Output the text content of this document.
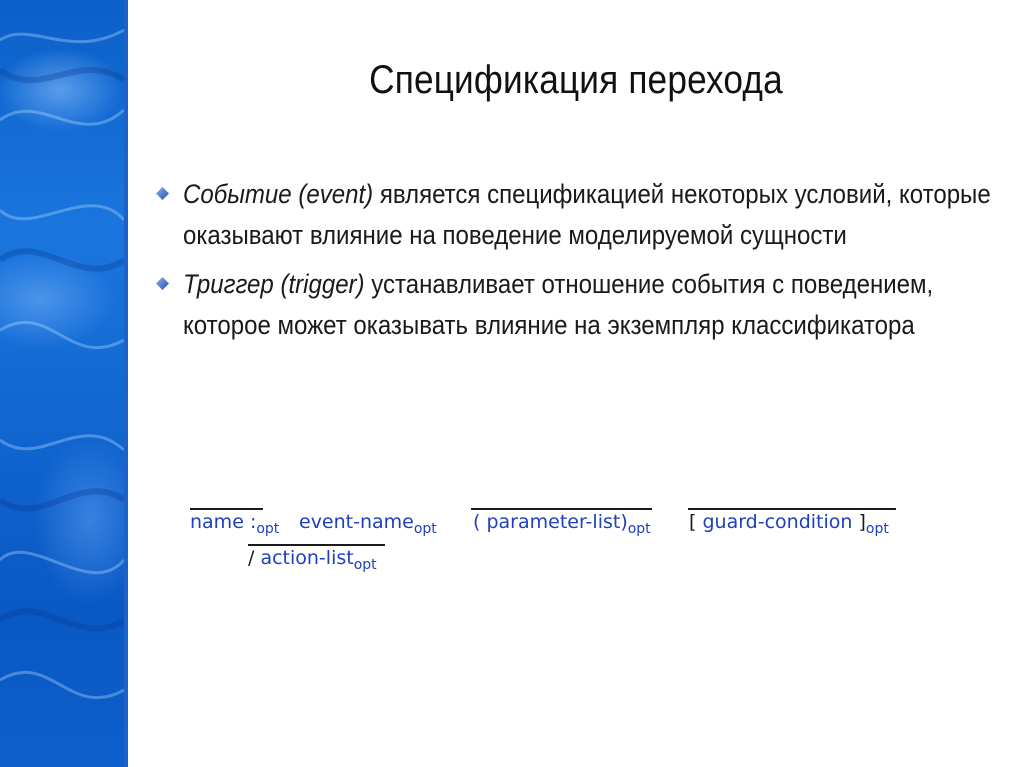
Спецификация перехода
Событие (event) является спецификацией некоторых условий, которые оказывают влияние на поведение моделируемой сущности
Триггер (trigger) устанавливает отношение события с поведением, которое может оказывать влияние на экземпляр классификатора
name $:_{opt}$ event-name$_{opt}$ ( parameter-$list)_{opt}$ [ guard-condition ]$_{opt}$
/ action-list$_{opt}$
